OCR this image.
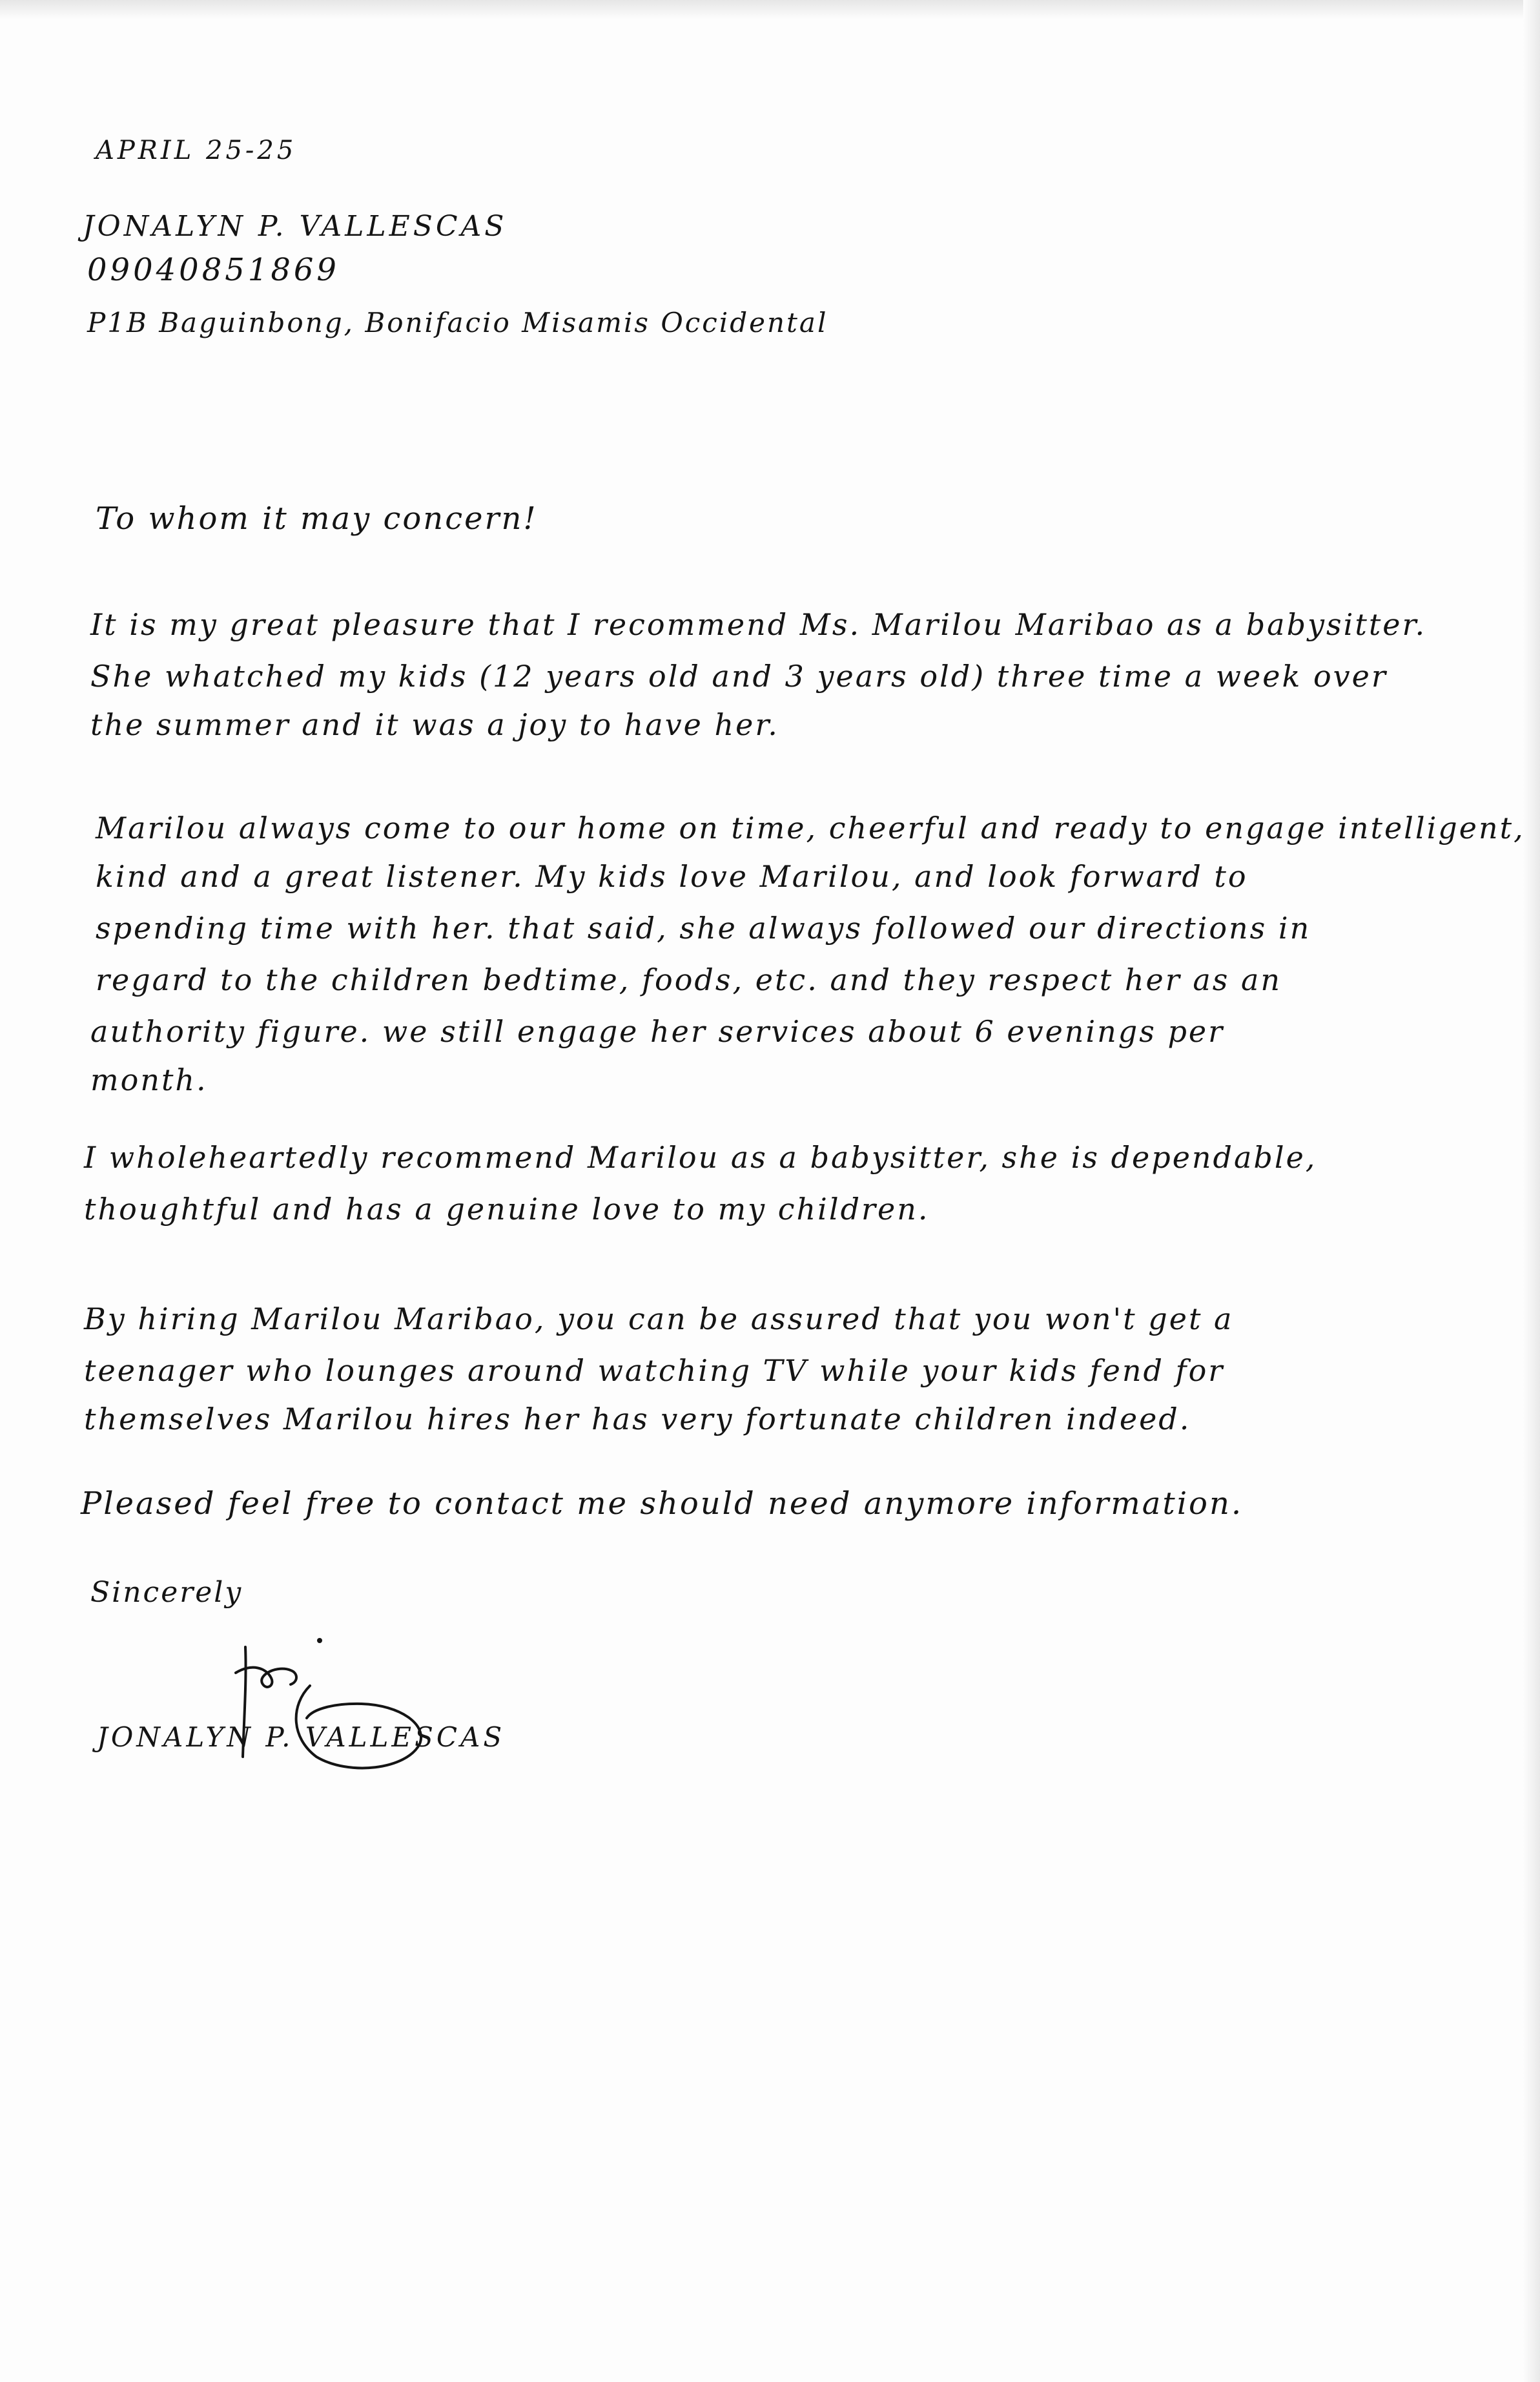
APRIL 25-25
JONALYN P. VALLESCAS
09040851869
P1B Baguinbong, Bonifacio Misamis Occidental
To whom it may concern!
It is my great pleasure that I recommend Ms. Marilou Maribao as a babysitter.
She whatched my kids (12 years old and 3 years old) three time a week over
the summer and it was a joy to have her.
Marilou always come to our home on time, cheerful and ready to engage intelligent,
kind and a great listener. My kids love Marilou, and look forward to
spending time with her. that said, she always followed our directions in
regard to the children bedtime, foods, etc. and they respect her as an
authority figure. we still engage her services about 6 evenings per
month.
I wholeheartedly recommend Marilou as a babysitter, she is dependable,
thoughtful and has a genuine love to my children.
By hiring Marilou Maribao, you can be assured that you won't get a
teenager who lounges around watching TV while your kids fend for
themselves Marilou hires her has very fortunate children indeed.
Pleased feel free to contact me should need anymore information.
Sincerely
JONALYN P. VALLESCAS
